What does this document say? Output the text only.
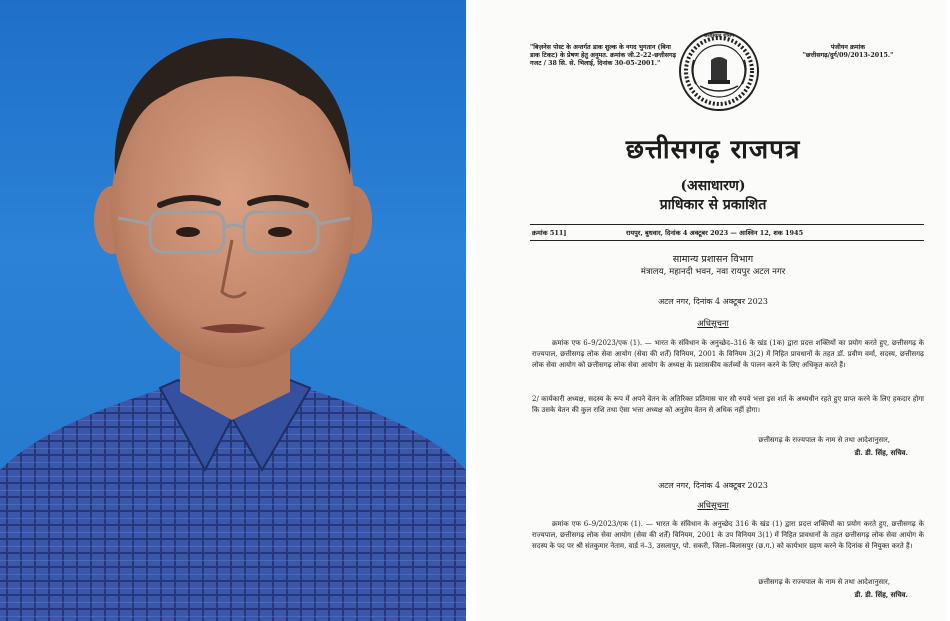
"बिज़नेस पोस्ट के अन्तर्गत डाक शुल्क के नगद भुगतान (बिना डाक टिकट) के प्रेषण हेतु अनुमत. क्रमांक जी.2-22-छत्तीसगढ़ गजट / 38 सि. से. भिलाई, दिनांक 30-05-2001."
छत्तीसगढ़ शासन
पंजीयन क्रमांक
"छत्तीसगढ़/दुर्ग/09/2013-2015."
छत्तीसगढ़ राजपत्र
(असाधारण)
प्राधिकार से प्रकाशित
क्रमांक 511]	रायपुर, बुधवार, दिनांक 4 अक्टूबर 2023 — आश्विन 12, शक 1945
सामान्य प्रशासन विभाग
मंत्रालय, महानदी भवन, नवा रायपुर अटल नगर
अटल नगर, दिनांक 4 अक्टूबर 2023
अधिसूचना

क्रमांक एफ 6–9/2023/एक (1). — भारत के संविधान के अनुच्छेद–316 के खंड (1क) द्वारा प्रदत्त शक्तियों का प्रयोग करते हुए, छत्तीसगढ़ के राज्यपाल, छत्तीसगढ़ लोक सेवा आयोग (सेवा की शर्तें) विनियम, 2001 के विनियम 3(2) में निहित प्रावधानों के तहत डॉ. प्रवीण वर्मा, सदस्य, छत्तीसगढ़ लोक सेवा आयोग को छत्तीसगढ़ लोक सेवा आयोग के अध्यक्ष के प्रशासकीय कर्तव्यों के पालन करने के लिए अधिकृत करते हैं।

2/ कार्यकारी अध्यक्ष, सदस्य के रूप में अपने वेतन के अतिरिक्त प्रतिमास चार सौ रुपये भत्ता इस शर्त के अध्यधीन रहते हुए प्राप्त करने के लिए हकदार होगा कि उसके वेतन की कुल राशि तथा ऐसा भत्ता अध्यक्ष को अनुज्ञेय वेतन से अधिक नहीं होगा।

छत्तीसगढ़ के राज्यपाल के नाम से तथा आदेशानुसार,
डी. डी. सिंह, सचिव.
अटल नगर, दिनांक 4 अक्टूबर 2023
अधिसूचना

क्रमांक एफ 6–9/2023/एक (1). — भारत के संविधान के अनुच्छेद 316 के खंड (1) द्वारा प्रदत्त शक्तियों का प्रयोग करते हुए, छत्तीसगढ़ के राज्यपाल, छत्तीसगढ़ लोक सेवा आयोग (सेवा की शर्तें) विनियम, 2001 के उप विनियम 3(1) में निहित प्रावधानों के तहत छत्तीसगढ़ लोक सेवा आयोग के सदस्य के पद पर श्री संतकुमार नेताम, वार्ड नं–3, उसलापुर, पो. सकरी, जिला–बिलासपुर (छ.ग.) को कार्यभार ग्रहण करने के दिनांक से नियुक्त करते हैं।

छत्तीसगढ़ के राज्यपाल के नाम से तथा आदेशानुसार,
डी. डी. सिंह, सचिव.
